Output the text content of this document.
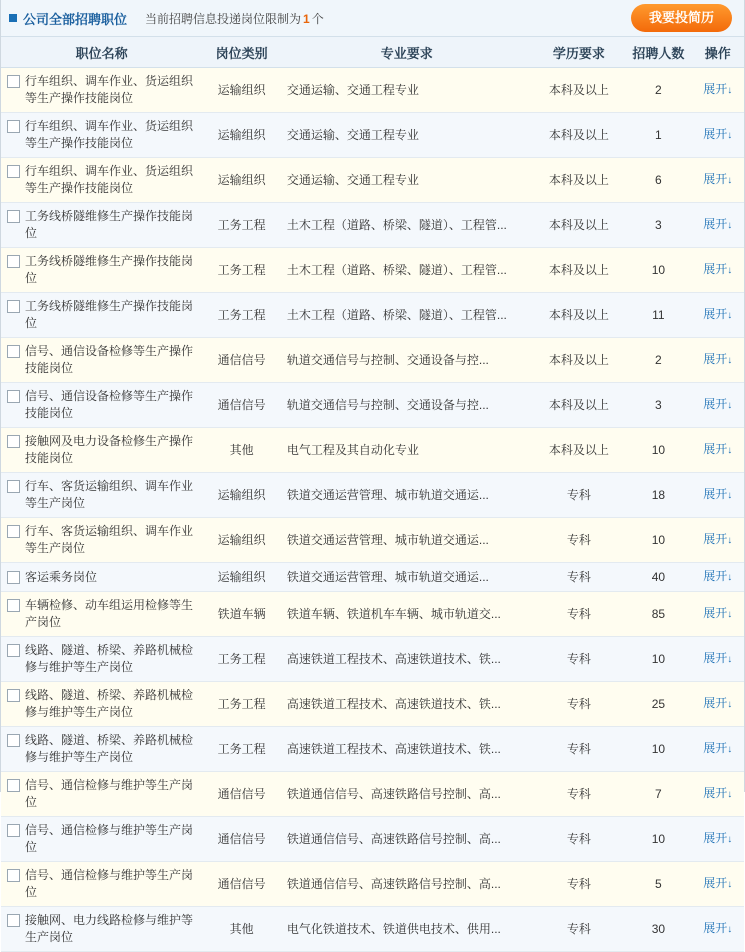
公司全部招聘职位 当前招聘信息投递岗位限制为 1 个	我要投简历
职位名称	岗位类别	专业要求	学历要求	招聘人数	操作

行车组织、调车作业、货运组织等生产操作技能岗位	运输组织	交通运输、交通工程专业	本科及以上	2	展开↓

行车组织、调车作业、货运组织等生产操作技能岗位	运输组织	交通运输、交通工程专业	本科及以上	1	展开↓

行车组织、调车作业、货运组织等生产操作技能岗位	运输组织	交通运输、交通工程专业	本科及以上	6	展开↓

工务线桥隧维修生产操作技能岗位	工务工程	土木工程（道路、桥梁、隧道）、工程管...	本科及以上	3	展开↓

工务线桥隧维修生产操作技能岗位	工务工程	土木工程（道路、桥梁、隧道）、工程管...	本科及以上	10	展开↓

工务线桥隧维修生产操作技能岗位	工务工程	土木工程（道路、桥梁、隧道）、工程管...	本科及以上	11	展开↓

信号、通信设备检修等生产操作技能岗位	通信信号	轨道交通信号与控制、交通设备与控...	本科及以上	2	展开↓

信号、通信设备检修等生产操作技能岗位	通信信号	轨道交通信号与控制、交通设备与控...	本科及以上	3	展开↓

接触网及电力设备检修生产操作技能岗位	其他	电气工程及其自动化专业	本科及以上	10	展开↓

行车、客货运输组织、调车作业等生产岗位	运输组织	铁道交通运营管理、城市轨道交通运...	专科	18	展开↓

行车、客货运输组织、调车作业等生产岗位	运输组织	铁道交通运营管理、城市轨道交通运...	专科	10	展开↓

客运乘务岗位	运输组织	铁道交通运营管理、城市轨道交通运...	专科	40	展开↓

车辆检修、动车组运用检修等生产岗位	铁道车辆	铁道车辆、铁道机车车辆、城市轨道交...	专科	85	展开↓

线路、隧道、桥梁、养路机械检修与维护等生产岗位	工务工程	高速铁道工程技术、高速铁道技术、铁...	专科	10	展开↓

线路、隧道、桥梁、养路机械检修与维护等生产岗位	工务工程	高速铁道工程技术、高速铁道技术、铁...	专科	25	展开↓

线路、隧道、桥梁、养路机械检修与维护等生产岗位	工务工程	高速铁道工程技术、高速铁道技术、铁...	专科	10	展开↓

信号、通信检修与维护等生产岗位	通信信号	铁道通信信号、高速铁路信号控制、高...	专科	7	展开↓

信号、通信检修与维护等生产岗位	通信信号	铁道通信信号、高速铁路信号控制、高...	专科	10	展开↓

信号、通信检修与维护等生产岗位	通信信号	铁道通信信号、高速铁路信号控制、高...	专科	5	展开↓

接触网、电力线路检修与维护等生产岗位	其他	电气化铁道技术、铁道供电技术、供用...	专科	30	展开↓
